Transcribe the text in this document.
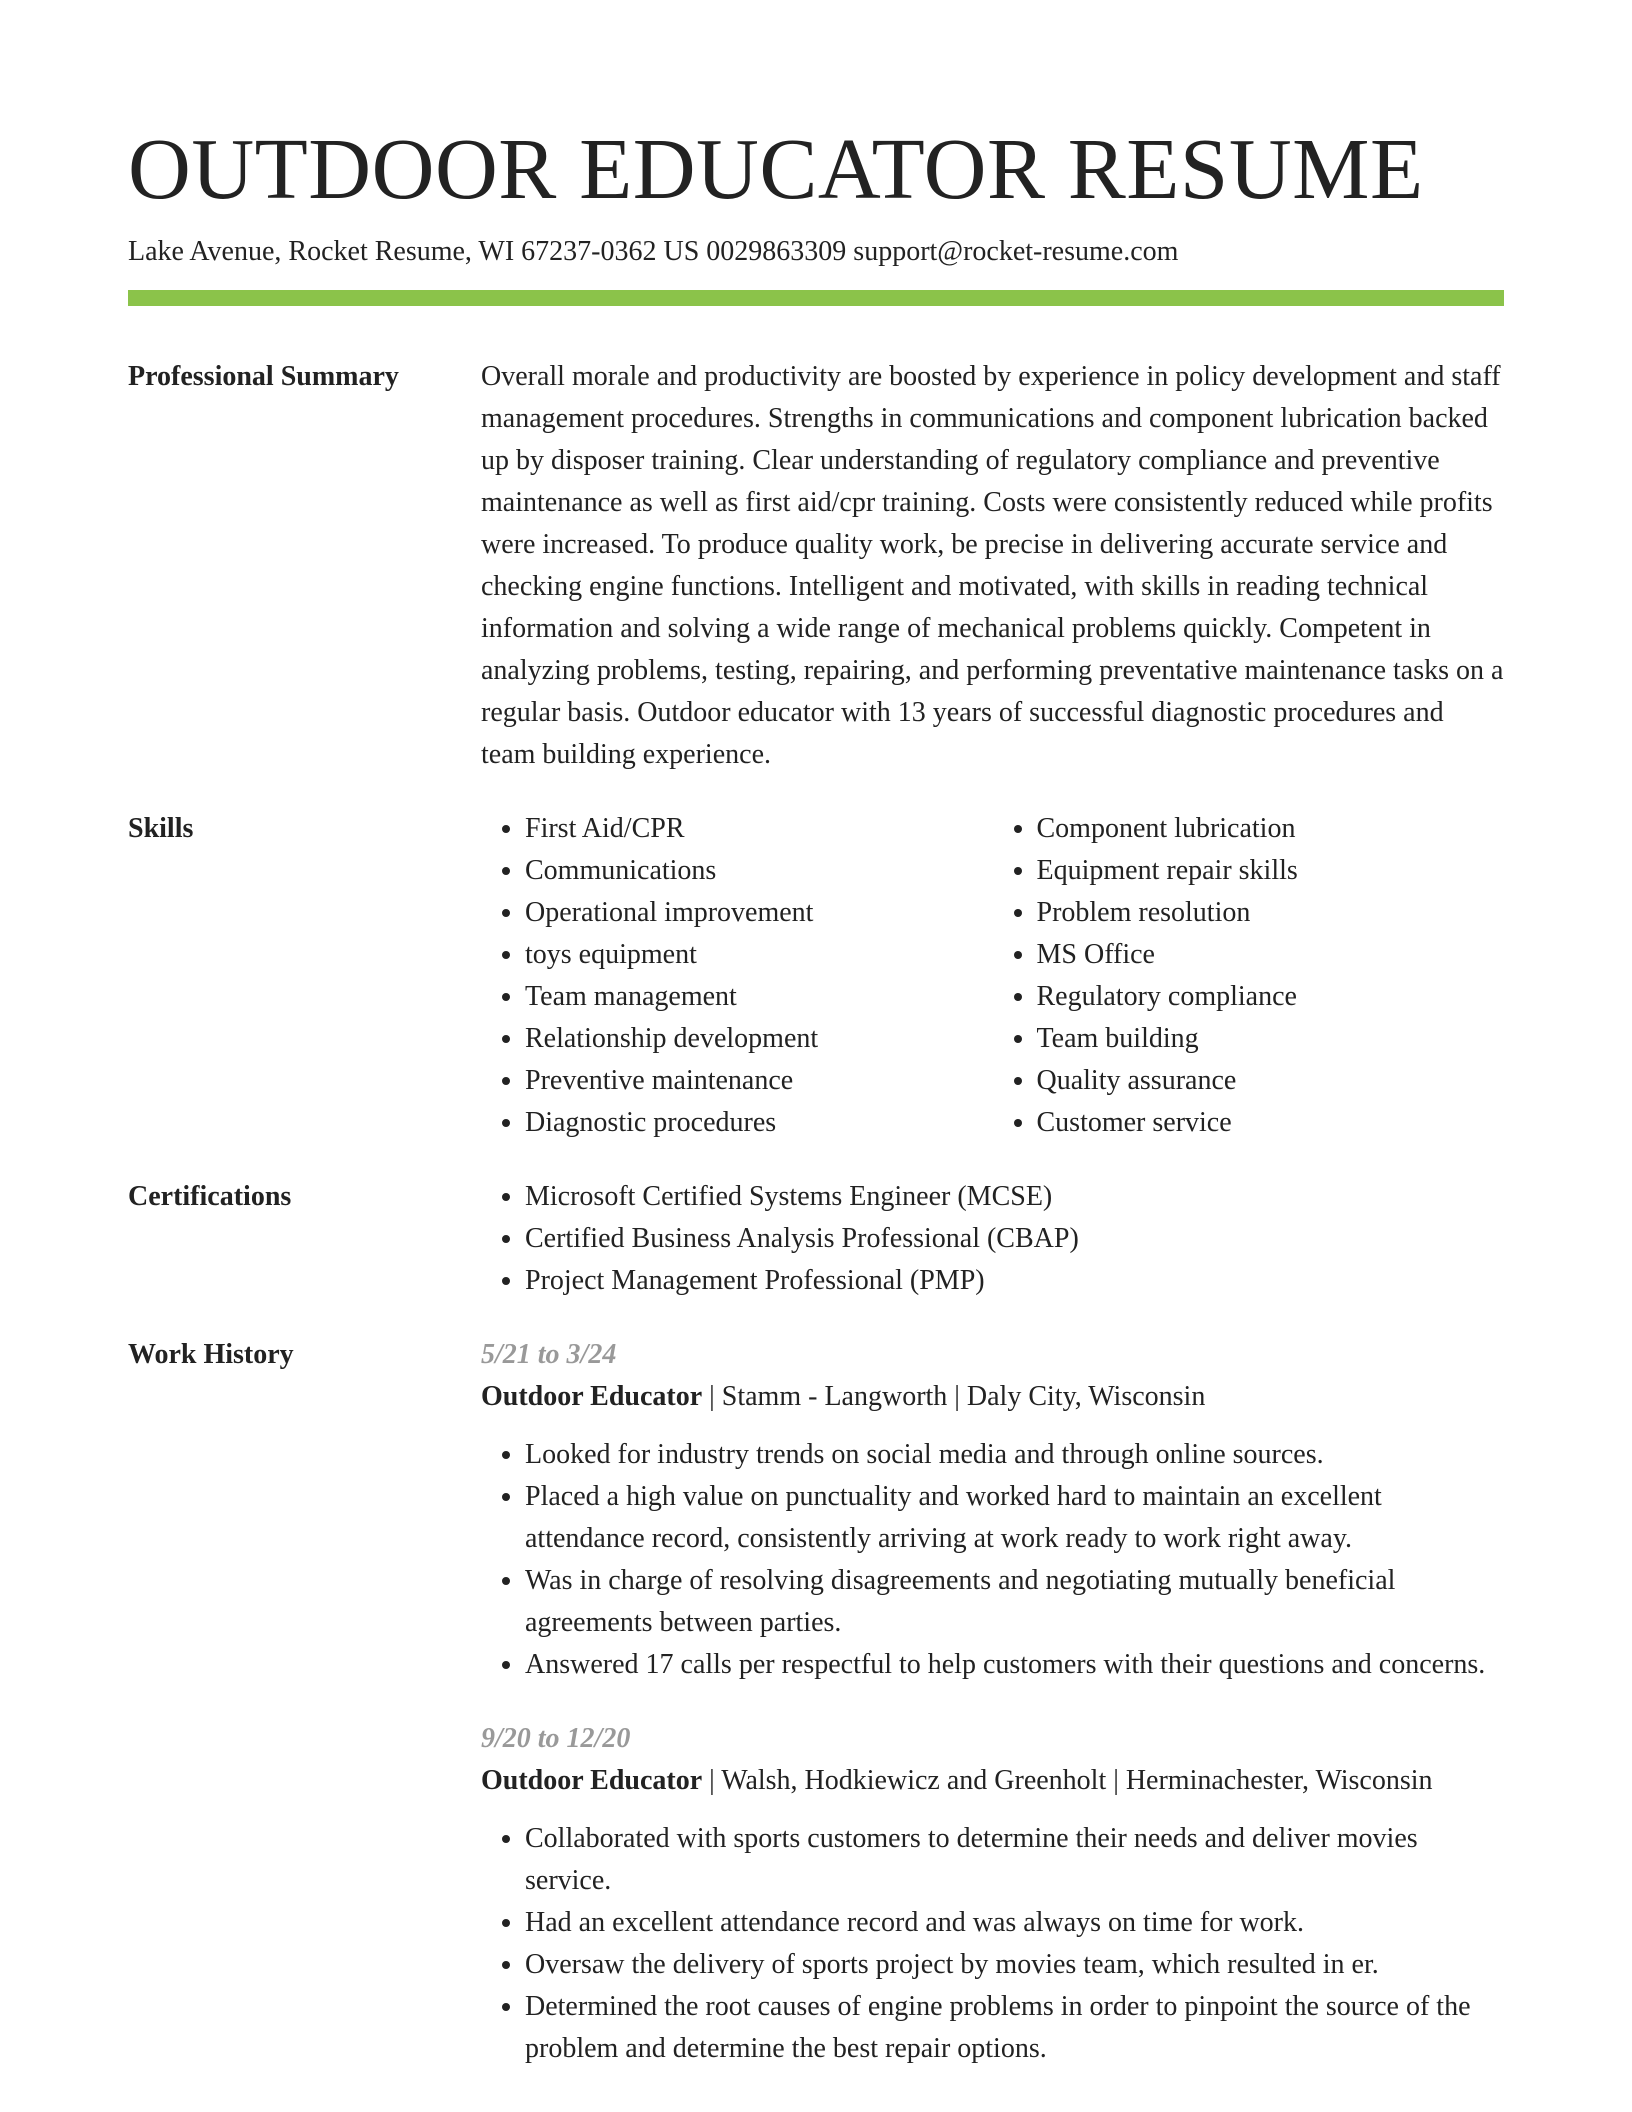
OUTDOOR EDUCATOR RESUME
Lake Avenue, Rocket Resume, WI 67237-0362 US 0029863309 support@rocket-resume.com
Professional Summary	Overall morale and productivity are boosted by experience in policy development and staff management procedures. Strengths in communications and component lubrication backed up by disposer training. Clear understanding of regulatory compliance and preventive maintenance as well as first aid/cpr training. Costs were consistently reduced while profits were increased. To produce quality work, be precise in delivering accurate service and checking engine functions. Intelligent and motivated, with skills in reading technical information and solving a wide range of mechanical problems quickly. Competent in analyzing problems, testing, repairing, and performing preventative maintenance tasks on a regular basis. Outdoor educator with 13 years of successful diagnostic procedures and team building experience.

Skills	• First Aid/CPR
• Communications
• Operational improvement
• toys equipment
• Team management
• Relationship development
• Preventive maintenance
• Diagnostic procedures
• Component lubrication
• Equipment repair skills
• Problem resolution
• MS Office
• Regulatory compliance
• Team building
• Quality assurance
• Customer service
Certifications	• Microsoft Certified Systems Engineer (MCSE)
• Certified Business Analysis Professional (CBAP)
• Project Management Professional (PMP)
Work History	5/21 to 3/24
Outdoor Educator | Stamm - Langworth | Daly City, Wisconsin
• Looked for industry trends on social media and through online sources.
• Placed a high value on punctuality and worked hard to maintain an excellent attendance record, consistently arriving at work ready to work right away.
• Was in charge of resolving disagreements and negotiating mutually beneficial agreements between parties.
• Answered 17 calls per respectful to help customers with their questions and concerns.
9/20 to 12/20
Outdoor Educator | Walsh, Hodkiewicz and Greenholt | Herminachester, Wisconsin
• Collaborated with sports customers to determine their needs and deliver movies service.
• Had an excellent attendance record and was always on time for work.
• Oversaw the delivery of sports project by movies team, which resulted in er.
• Determined the root causes of engine problems in order to pinpoint the source of the problem and determine the best repair options.
